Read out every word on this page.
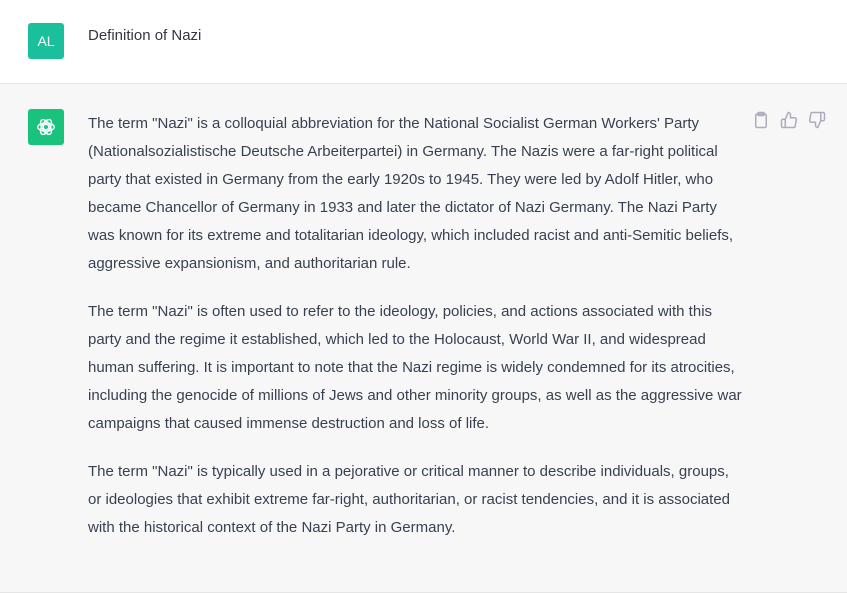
AL	Definition of Nazi

The term "Nazi" is a colloquial abbreviation for the National Socialist German Workers' Party (Nationalsozialistische Deutsche Arbeiterpartei) in Germany. The Nazis were a far-right political party that existed in Germany from the early 1920s to 1945. They were led by Adolf Hitler, who became Chancellor of Germany in 1933 and later the dictator of Nazi Germany. The Nazi Party was known for its extreme and totalitarian ideology, which included racist and anti-Semitic beliefs, aggressive expansionism, and authoritarian rule.

The term "Nazi" is often used to refer to the ideology, policies, and actions associated with this party and the regime it established, which led to the Holocaust, World War II, and widespread human suffering. It is important to note that the Nazi regime is widely condemned for its atrocities, including the genocide of millions of Jews and other minority groups, as well as the aggressive war campaigns that caused immense destruction and loss of life.

The term "Nazi" is typically used in a pejorative or critical manner to describe individuals, groups, or ideologies that exhibit extreme far-right, authoritarian, or racist tendencies, and it is associated with the historical context of the Nazi Party in Germany.
